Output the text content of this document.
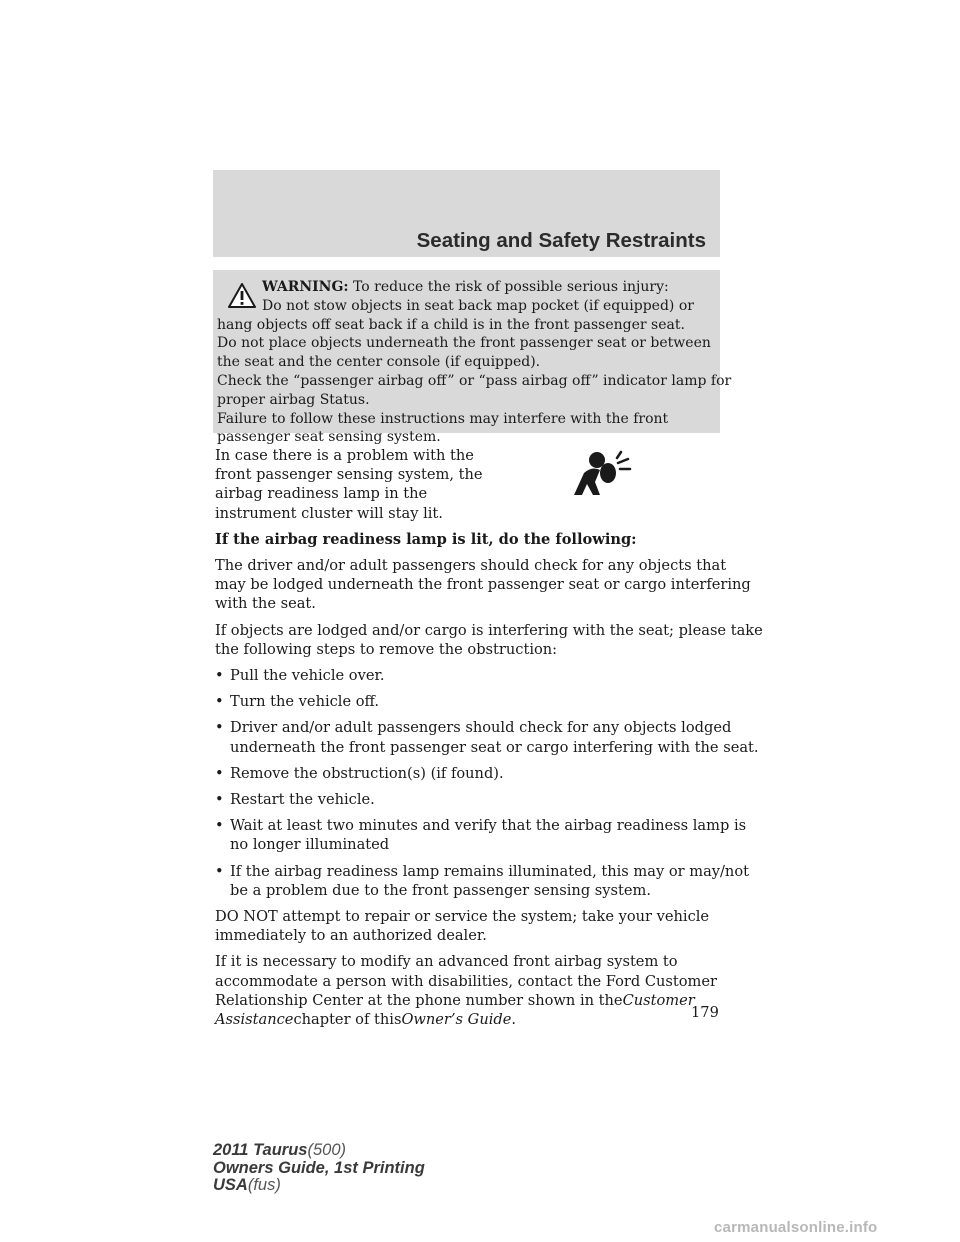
Seating and Safety Restraints

WARNING: To reduce the risk of possible serious injury:

Do not stow objects in seat back map pocket (if equipped) or

hang objects off seat back if a child is in the front passenger seat.

Do not place objects underneath the front passenger seat or between

the seat and the center console (if equipped).

Check the “passenger airbag off” or “pass airbag off” indicator lamp for

proper airbag Status.

Failure to follow these instructions may interfere with the front

passenger seat sensing system.

In case there is a problem with the
front passenger sensing system, the
airbag readiness lamp in the
instrument cluster will stay lit.

If the airbag readiness lamp is lit, do the following:

The driver and/or adult passengers should check for any objects that
may be lodged underneath the front passenger seat or cargo interfering
with the seat.

If objects are lodged and/or cargo is interfering with the seat; please take
the following steps to remove the obstruction:

• Pull the vehicle over.
• Turn the vehicle off.
• Driver and/or adult passengers should check for any objects lodged
underneath the front passenger seat or cargo interfering with the seat.
• Remove the obstruction(s) (if found).
• Restart the vehicle.
• Wait at least two minutes and verify that the airbag readiness lamp is
no longer illuminated
• If the airbag readiness lamp remains illuminated, this may or may/not
be a problem due to the front passenger sensing system.

DO NOT attempt to repair or service the system; take your vehicle
immediately to an authorized dealer.

If it is necessary to modify an advanced front airbag system to
accommodate a person with disabilities, contact the Ford Customer
Relationship Center at the phone number shown in theCustomer
Assistancechapter of thisOwner’s Guide.	179
2011 Taurus(500)
Owners Guide, 1st Printing
USA(fus)
carmanualsonline.info
